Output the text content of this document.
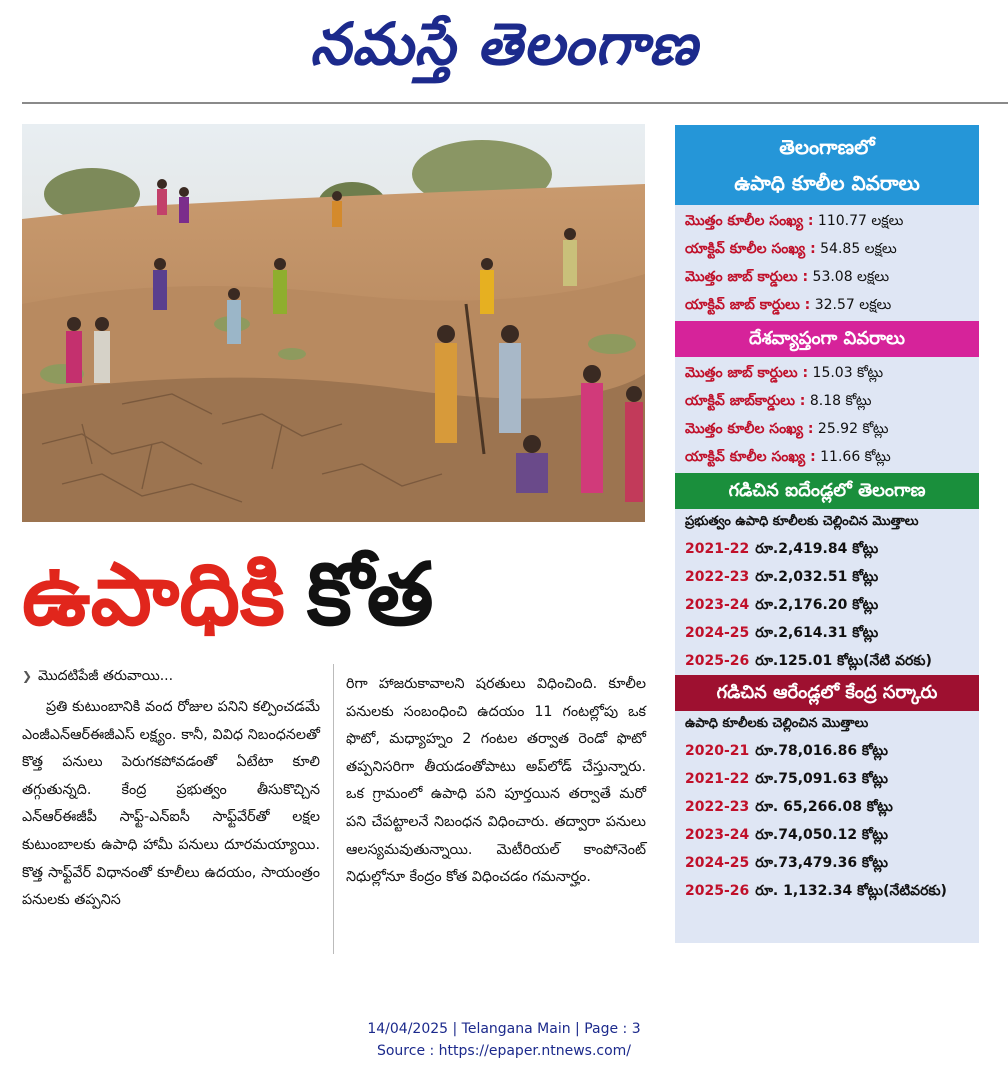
నమస్తే తెలంగాణ
ఉపాధికి కోత
❯ మొదటిపేజీ తరువాయి...

ప్రతి కుటుంబానికి వంద రోజుల పనిని కల్పించడమే ఎంజీఎన్ఆర్ఈజీఎస్ లక్ష్యం. కానీ, వివిధ నిబంధనలతో కొత్త పనులు పెరుగకపోవడంతో ఏటేటా కూలి తగ్గుతున్నది. కేంద్ర ప్రభుత్వం తీసుకొచ్చిన ఎన్ఆర్ఈజీపీ సాఫ్ట్-ఎన్ఐసీ సాఫ్ట్‌వేర్‌తో లక్షల కుటుంబాలకు ఉపాధి హామీ పనులు దూరమయ్యాయి. కొత్త సాఫ్ట్‌వేర్ విధానంతో కూలీలు ఉదయం, సాయంత్రం పనులకు తప్పనిస

రిగా హాజరుకావాలని షరతులు విధించింది. కూలీల పనులకు సంబంధించి ఉదయం 11 గంటల్లోపు ఒక ఫొటో, మధ్యాహ్నం 2 గంటల తర్వాత రెండో ఫొటో తప్పనిసరిగా తీయడంతోపాటు అప్‌లోడ్ చేస్తున్నారు. ఒక గ్రామంలో ఉపాధి పని పూర్తయిన తర్వాతే మరో పని చేపట్టాలనే నిబంధన విధించారు. తద్వారా పనులు ఆలస్యమవుతున్నాయి. మెటీరియల్ కాంపోనెంట్ నిధుల్లోనూ కేంద్రం కోత విధించడం గమనార్హం.

తెలంగాణలో
ఉపాధి కూలీల వివరాలు
మొత్తం కూలీల సంఖ్య : 110.77 లక్షలు
యాక్టివ్ కూలీల సంఖ్య : 54.85 లక్షలు
మొత్తం జాబ్ కార్డులు : 53.08 లక్షలు
యాక్టివ్ జాబ్ కార్డులు : 32.57 లక్షలు
దేశవ్యాప్తంగా వివరాలు
మొత్తం జాబ్ కార్డులు : 15.03 కోట్లు
యాక్టివ్ జాబ్‌కార్డులు : 8.18 కోట్లు
మొత్తం కూలీల సంఖ్య : 25.92 కోట్లు
యాక్టివ్ కూలీల సంఖ్య : 11.66 కోట్లు
గడిచిన ఐదేండ్లలో తెలంగాణ
ప్రభుత్వం ఉపాధి కూలీలకు చెల్లించిన మొత్తాలు
2021-22 రూ.2,419.84 కోట్లు
2022-23 రూ.2,032.51 కోట్లు
2023-24 రూ.2,176.20 కోట్లు
2024-25 రూ.2,614.31 కోట్లు
2025-26 రూ.125.01 కోట్లు(నేటి వరకు)
గడిచిన ఆరేండ్లలో కేంద్ర సర్కారు
ఉపాధి కూలీలకు చెల్లించిన మొత్తాలు
2020-21 రూ.78,016.86 కోట్లు
2021-22 రూ.75,091.63 కోట్లు
2022-23 రూ. 65,266.08 కోట్లు
2023-24 రూ.74,050.12 కోట్లు
2024-25 రూ.73,479.36 కోట్లు
2025-26 రూ. 1,132.34 కోట్లు(నేటివరకు)
14/04/2025 | Telangana Main | Page : 3
Source : https://epaper.ntnews.com/
